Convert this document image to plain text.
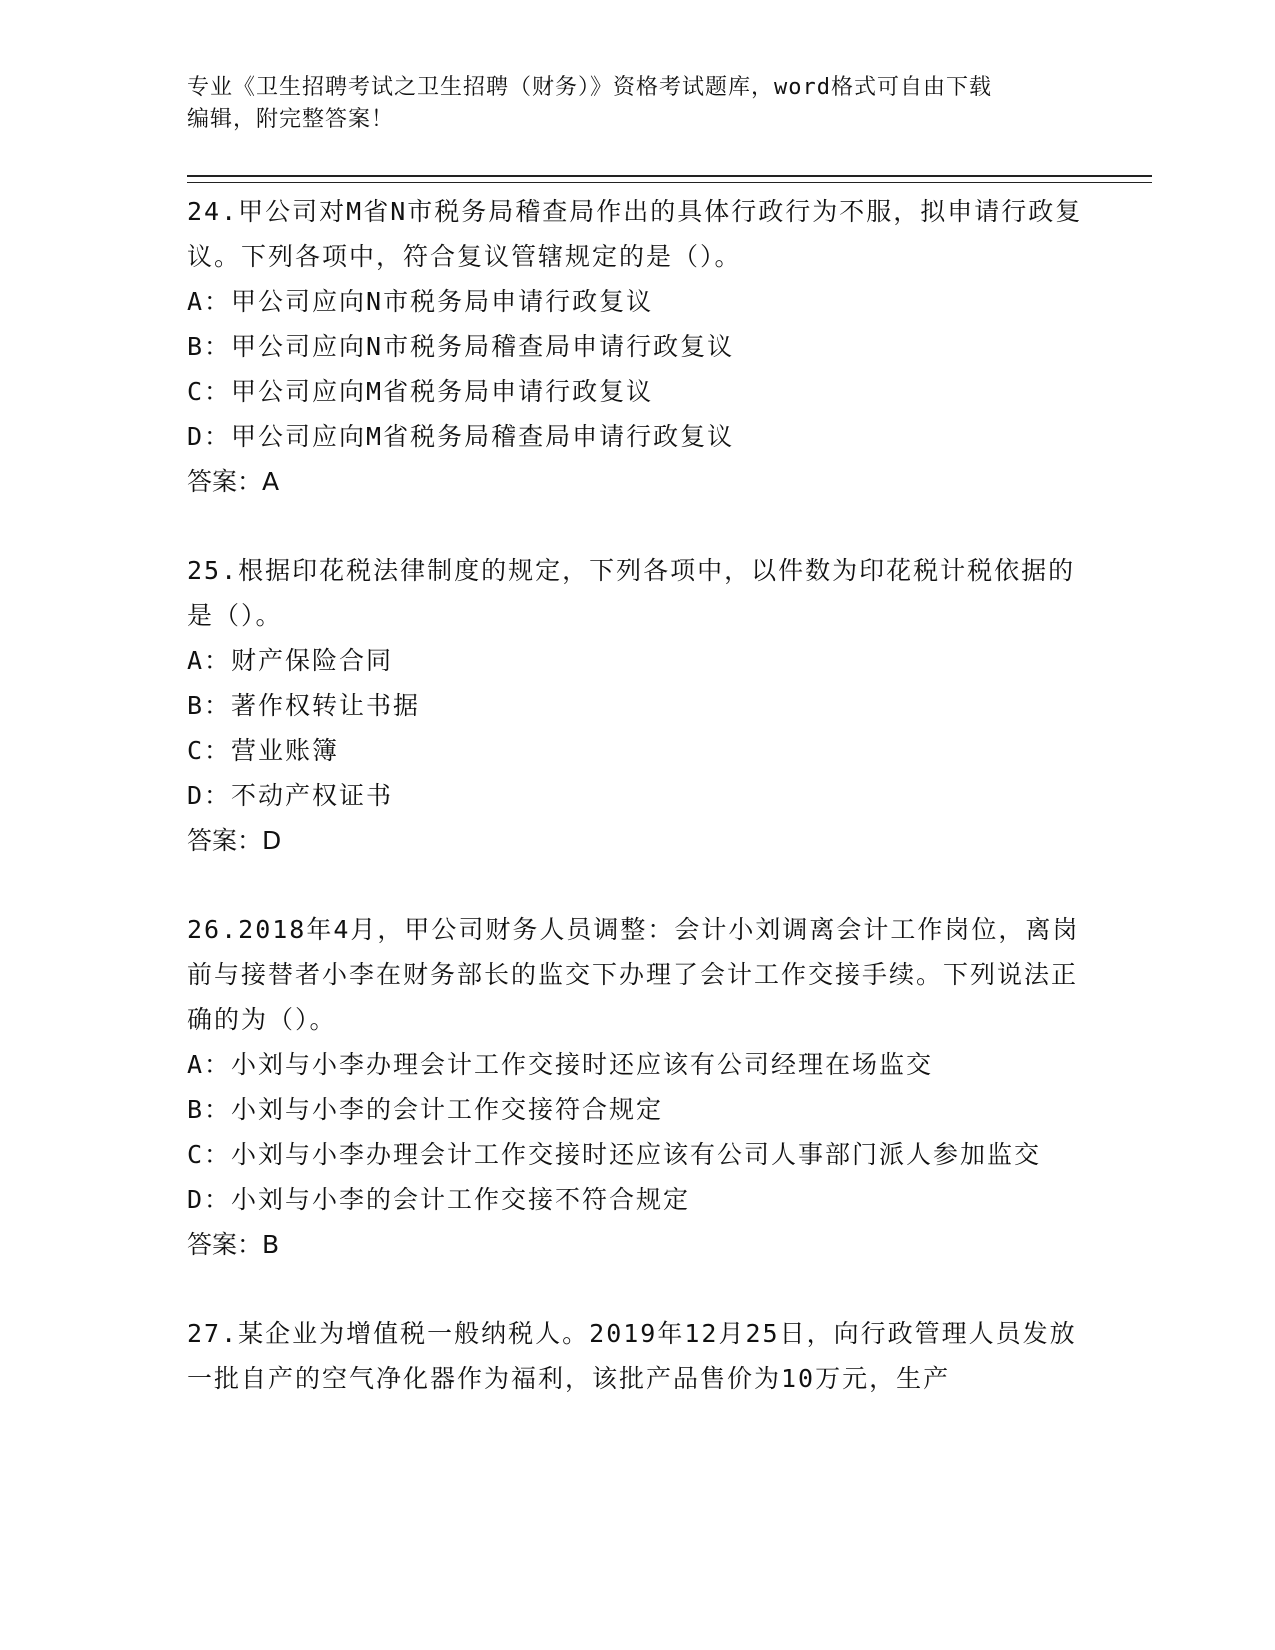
专业《卫生招聘考试之卫生招聘（财务）》资格考试题库，word格式可自由下载
编辑，附完整答案！

24.甲公司对M省N市税务局稽查局作出的具体行政行为不服，拟申请行政复议。下列各项中，符合复议管辖规定的是（）。

A：甲公司应向N市税务局申请行政复议

B：甲公司应向N市税务局稽查局申请行政复议

C：甲公司应向M省税务局申请行政复议

D：甲公司应向M省税务局稽查局申请行政复议

答案：A

25.根据印花税法律制度的规定，下列各项中，以件数为印花税计税依据的是（）。

A：财产保险合同

B：著作权转让书据

C：营业账簿

D：不动产权证书

答案：D

26.2018年4月，甲公司财务人员调整：会计小刘调离会计工作岗位，离岗前与接替者小李在财务部长的监交下办理了会计工作交接手续。下列说法正确的为（）。

A：小刘与小李办理会计工作交接时还应该有公司经理在场监交

B：小刘与小李的会计工作交接符合规定

C：小刘与小李办理会计工作交接时还应该有公司人事部门派人参加监交

D：小刘与小李的会计工作交接不符合规定

答案：B

27.某企业为增值税一般纳税人。2019年12月25日，向行政管理人员发放一批自产的空气净化器作为福利，该批产品售价为10万元，生产
